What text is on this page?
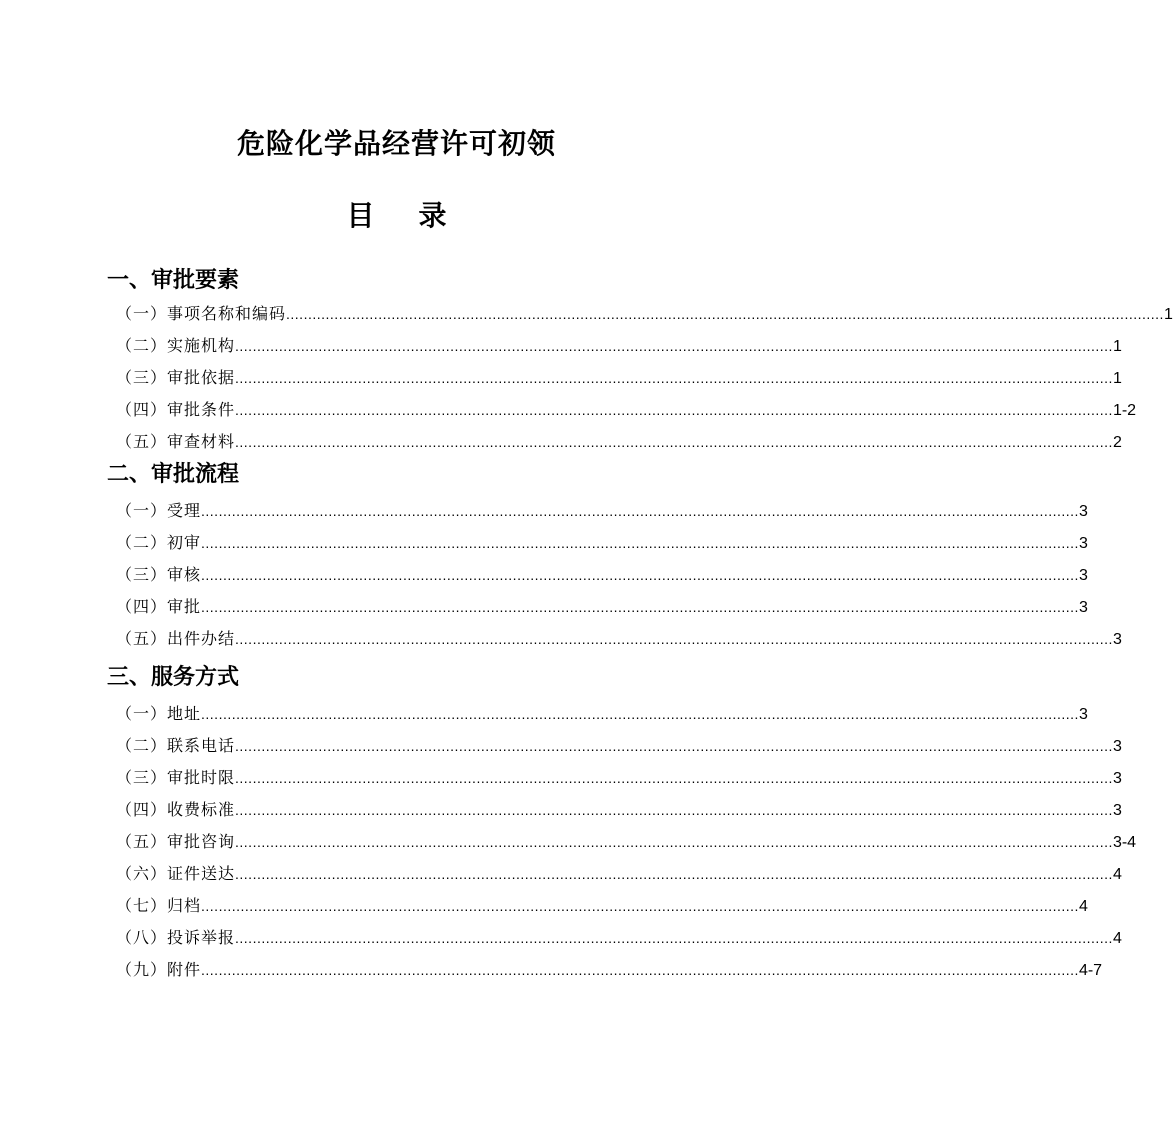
危险化学品经营许可初领
目 录
一、审批要素
（一）事项名称和编码 ........................................................................................................................................................................................................ 1
（二）实施机构 ........................................................................................................................................................................................................ 1
（三）审批依据 ........................................................................................................................................................................................................ 1
（四）审批条件 ........................................................................................................................................................................................................ 1-2
（五）审查材料 ........................................................................................................................................................................................................ 2
二、审批流程
（一）受理 ........................................................................................................................................................................................................ 3
（二）初审 ........................................................................................................................................................................................................ 3
（三）审核 ........................................................................................................................................................................................................ 3
（四）审批 ........................................................................................................................................................................................................ 3
（五）出件办结 ........................................................................................................................................................................................................ 3
三、服务方式
（一）地址 ........................................................................................................................................................................................................ 3
（二）联系电话 ........................................................................................................................................................................................................ 3
（三）审批时限 ........................................................................................................................................................................................................ 3
（四）收费标准 ........................................................................................................................................................................................................ 3
（五）审批咨询 ........................................................................................................................................................................................................ 3-4
（六）证件送达 ........................................................................................................................................................................................................ 4
（七）归档 ........................................................................................................................................................................................................ 4
（八）投诉举报 ........................................................................................................................................................................................................ 4
（九）附件 ........................................................................................................................................................................................................ 4-7
